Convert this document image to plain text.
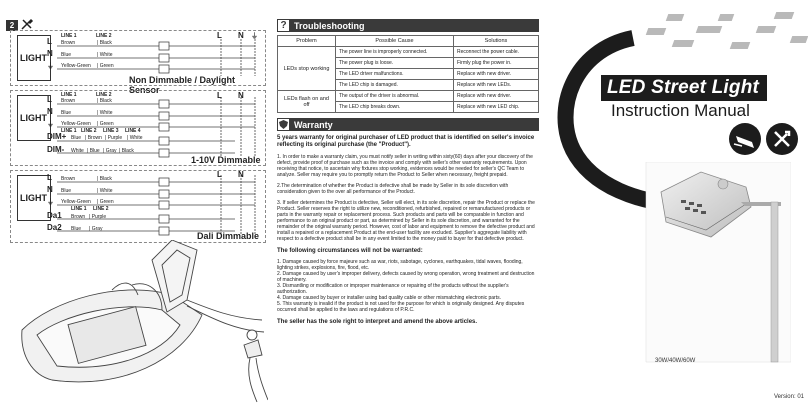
2
LIGHT
LINE 1	LINE 2
L Brown	| Black
N Blue	| White
⏚ Yellow-Green | Green
L N ⏚
Non Dimmable / Daylight Sensor
LIGHT
LINE 1	LINE 2
L Brown	| Black
N Blue	| White
⏚ Yellow-Green | Green
LINE 1 LINE 2 LINE 3 LINE 4
DIM+ Blue | Brown | Purple | White
DIM- White | Blue | Gray | Black
L N
1-10V Dimmable
LIGHT
L Brown	| Black
N Blue	| White
⏚ Yellow-Green | Green
LINE 1 LINE 2
Da1 Brown | Purple
Da2 Blue | Gray
L N
Dali Dimmable
? Troubleshooting
Problem	Possible Cause	Solutions
LEDs stop working	The power line is improperly connected.	Reconnect the power cable.
	The power plug is loose.	Firmly plug the power in.
	The LED driver malfunctions.	Replace with new driver.
	The LED chip is damaged.	Replace with new LEDs.
LEDs flash on and off	The output of the driver is abnormal.	Replace with new driver.
	The LED chip breaks down.	Replace with new LED chip.
Warranty
5 years warranty for original purchaser of LED product that is identified on seller's invoice reflecting its original purchase (the "Product").
1. In order to make a warranty claim, you must notify seller in writing within sixty(60) days after your discovery of the defect, provide proof of purchase such as the invoice and comply with seller's other warranty requirements. Upon receiving that notice, to ascertain why fixtures stop working, evidences would be needed for seller's QC Team to analyze. Seller may require you to promptly return the Product to Seller when necessary, freight prepaid.
2.The determination of whether the Product is defective shall be made by Seller in its sole discretion with consideration given to the over all performance of the Product.
3. If seller determines the Product is defective, Seller will elect, in its sole discretion, repair the Product or replace the Product. Seller reserves the right to utilize new, reconditioned, refurbished, repaired or remanufactured products or parts in the warranty repair or replacement process. Such products and parts will be comparable in function and performance to an original product or part, as determined by Seller in its sole discretion, and warranted for the remainder of the original warranty period. However, cost of labor and equipment to remove the defective product and install a repaired or a replacement Product at the end-user facility are excluded. Supplier's aggregate liability with respect to a defective product shall be in any event limited to the money paid to buyer for that defective product.
The following circumstances will not be warranted:
1. Damage caused by force majeure such as war, riots, sabotage, cyclones, earthquakes, tidal waves, flooding, lighting strikes, explosions, fire, flood, etc.
2. Damage caused by user's improper delivery, defects caused by wrong operation, wrong treatment and destruction of machinery.
3. Dismantling or modification or improper maintenance or repairing of the products without the supplier's authorization.
4. Damage caused by buyer or installer using bad quality cable or other mismatching electronic parts.
5. This warranty is invalid if the product is not used for the purpose for which is originally designed. Any disputes occurred shall be applied to the laws and regulations of P.R.C.
The seller has the sole right to interpret and amend the above articles.
LED Street Light
Instruction Manual
30W/40W/60W
Version: 01
